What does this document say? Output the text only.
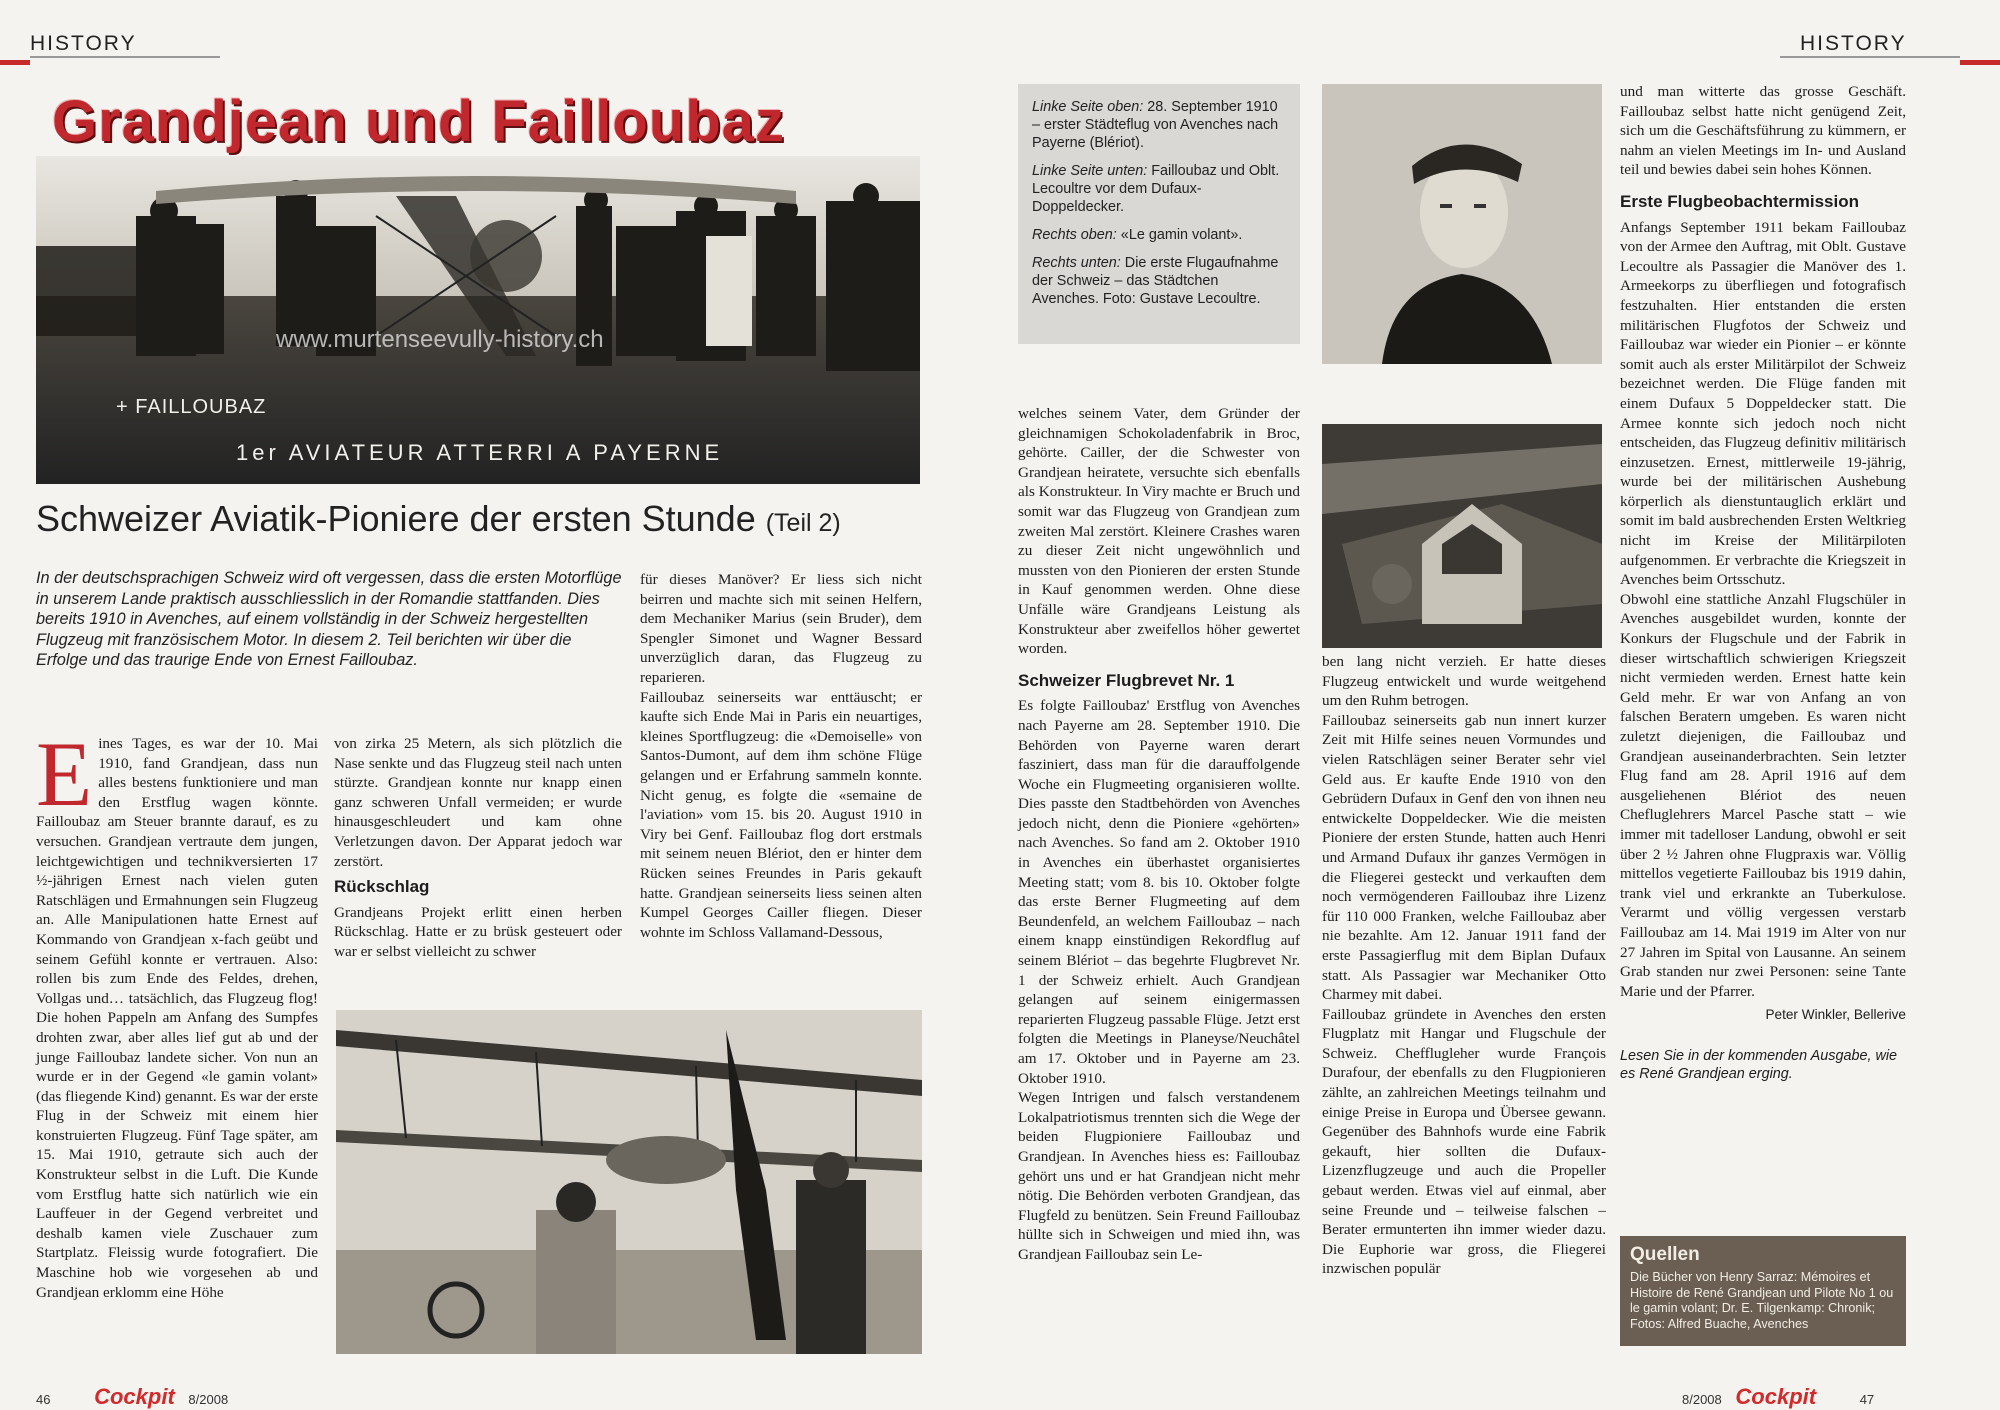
HISTORY	HISTORY
Grandjean und Failloubaz
www.murtenseevully-history.ch
+ FAILLOUBAZ
1er AVIATEUR ATTERRI A PAYERNE
Schweizer Aviatik-Pioniere der ersten Stunde (Teil 2)
In der deutschsprachigen Schweiz wird oft vergessen, dass die ersten Motorflüge in unserem Lande praktisch ausschliesslich in der Romandie stattfanden. Dies bereits 1910 in Avenches, auf einem vollständig in der Schweiz hergestellten Flugzeug mit französischem Motor. In diesem 2. Teil berichten wir über die Erfolge und das traurige Ende von Ernest Failloubaz.

Eines Tages, es war der 10. Mai 1910, fand Grandjean, dass nun alles bestens funktioniere und man den Erstflug wagen könnte. Failloubaz am Steuer brannte darauf, es zu versuchen. Grandjean vertraute dem jungen, leichtgewichtigen und technikversierten 17 ½-jährigen Ernest nach vielen guten Ratschlägen und Ermahnungen sein Flugzeug an. Alle Manipulationen hatte Ernest auf Kommando von Grandjean x-fach geübt und seinem Gefühl konnte er vertrauen. Also: rollen bis zum Ende des Feldes, drehen, Vollgas und… tatsächlich, das Flugzeug flog! Die hohen Pappeln am Anfang des Sumpfes drohten zwar, aber alles lief gut ab und der junge Failloubaz landete sicher. Von nun an wurde er in der Gegend «le gamin volant» (das fliegende Kind) genannt. Es war der erste Flug in der Schweiz mit einem hier konstruierten Flugzeug. Fünf Tage später, am 15. Mai 1910, getraute sich auch der Konstrukteur selbst in die Luft. Die Kunde vom Erstflug hatte sich natürlich wie ein Lauffeuer in der Gegend verbreitet und deshalb kamen viele Zuschauer zum Startplatz. Fleissig wurde fotografiert. Die Maschine hob wie vorgesehen ab und Grandjean erklomm eine Höhe

von zirka 25 Metern, als sich plötzlich die Nase senkte und das Flugzeug steil nach unten stürzte. Grandjean konnte nur knapp einen ganz schweren Unfall vermeiden; er wurde hinausgeschleudert und kam ohne Verletzungen davon. Der Apparat jedoch war zerstört.

Rückschlag

Grandjeans Projekt erlitt einen herben Rückschlag. Hatte er zu brüsk gesteuert oder war er selbst vielleicht zu schwer

für dieses Manöver? Er liess sich nicht beirren und machte sich mit seinen Helfern, dem Mechaniker Marius (sein Bruder), dem Spengler Simonet und Wagner Bessard unverzüglich daran, das Flugzeug zu reparieren.

Failloubaz seinerseits war enttäuscht; er kaufte sich Ende Mai in Paris ein neuartiges, kleines Sportflugzeug: die «Demoiselle» von Santos-Dumont, auf dem ihm schöne Flüge gelangen und er Erfahrung sammeln konnte. Nicht genug, es folgte die «semaine de l'aviation» vom 15. bis 20. August 1910 in Viry bei Genf. Failloubaz flog dort erstmals mit seinem neuen Blériot, den er hinter dem Rücken seines Freundes in Paris gekauft hatte. Grandjean seinerseits liess seinen alten Kumpel Georges Cailler fliegen. Dieser wohnte im Schloss Vallamand-Dessous,

Linke Seite oben: 28. September 1910 – erster Städteflug von Avenches nach Payerne (Blériot).

Linke Seite unten: Failloubaz und Oblt. Lecoultre vor dem Dufaux-Doppeldecker.

Rechts oben: «Le gamin volant».

Rechts unten: Die erste Flugaufnahme der Schweiz – das Städtchen Avenches. Foto: Gustave Lecoultre.

welches seinem Vater, dem Gründer der gleichnamigen Schokoladenfabrik in Broc, gehörte. Cailler, der die Schwester von Grandjean heiratete, versuchte sich ebenfalls als Konstrukteur. In Viry machte er Bruch und somit war das Flugzeug von Grandjean zum zweiten Mal zerstört. Kleinere Crashes waren zu dieser Zeit nicht ungewöhnlich und mussten von den Pionieren der ersten Stunde in Kauf genommen werden. Ohne diese Unfälle wäre Grandjeans Leistung als Konstrukteur aber zweifellos höher gewertet worden.

Schweizer Flugbrevet Nr. 1

Es folgte Failloubaz' Erstflug von Avenches nach Payerne am 28. September 1910. Die Behörden von Payerne waren derart fasziniert, dass man für die darauffolgende Woche ein Flugmeeting organisieren wollte. Dies passte den Stadtbehörden von Avenches jedoch nicht, denn die Pioniere «gehörten» nach Avenches. So fand am 2. Oktober 1910 in Avenches ein überhastet organisiertes Meeting statt; vom 8. bis 10. Oktober folgte das erste Berner Flugmeeting auf dem Beundenfeld, an welchem Failloubaz – nach einem knapp einstündigen Rekordflug auf seinem Blériot – das begehrte Flugbrevet Nr. 1 der Schweiz erhielt. Auch Grandjean gelangen auf seinem einigermassen reparierten Flugzeug passable Flüge. Jetzt erst folgten die Meetings in Planeyse/Neuchâtel am 17. Oktober und in Payerne am 23. Oktober 1910.

Wegen Intrigen und falsch verstandenem Lokalpatriotismus trennten sich die Wege der beiden Flugpioniere Failloubaz und Grandjean. In Avenches hiess es: Failloubaz gehört uns und er hat Grandjean nicht mehr nötig. Die Behörden verboten Grandjean, das Flugfeld zu benützen. Sein Freund Failloubaz hüllte sich in Schweigen und mied ihn, was Grandjean Failloubaz sein Le-

ben lang nicht verzieh. Er hatte dieses Flugzeug entwickelt und wurde weitgehend um den Ruhm betrogen.

Failloubaz seinerseits gab nun innert kurzer Zeit mit Hilfe seines neuen Vormundes und vielen Ratschlägen seiner Berater sehr viel Geld aus. Er kaufte Ende 1910 von den Gebrüdern Dufaux in Genf den von ihnen neu entwickelte Doppeldecker. Wie die meisten Pioniere der ersten Stunde, hatten auch Henri und Armand Dufaux ihr ganzes Vermögen in die Fliegerei gesteckt und verkauften dem noch vermögenderen Failloubaz ihre Lizenz für 110 000 Franken, welche Failloubaz aber nie bezahlte. Am 12. Januar 1911 fand der erste Passagierflug mit dem Biplan Dufaux statt. Als Passagier war Mechaniker Otto Charmey mit dabei.

Failloubaz gründete in Avenches den ersten Flugplatz mit Hangar und Flugschule der Schweiz. Chefflugleher wurde François Durafour, der ebenfalls zu den Flugpionieren zählte, an zahlreichen Meetings teilnahm und einige Preise in Europa und Übersee gewann. Gegenüber des Bahnhofs wurde eine Fabrik gekauft, hier sollten die Dufaux-Lizenzflugzeuge und auch die Propeller gebaut werden. Etwas viel auf einmal, aber seine Freunde und – teilweise falschen – Berater ermunterten ihn immer wieder dazu. Die Euphorie war gross, die Fliegerei inzwischen populär

und man witterte das grosse Geschäft. Failloubaz selbst hatte nicht genügend Zeit, sich um die Geschäftsführung zu kümmern, er nahm an vielen Meetings im In- und Ausland teil und bewies dabei sein hohes Können.

Erste Flugbeobachtermission

Anfangs September 1911 bekam Failloubaz von der Armee den Auftrag, mit Oblt. Gustave Lecoultre als Passagier die Manöver des 1. Armeekorps zu überfliegen und fotografisch festzuhalten. Hier entstanden die ersten militärischen Flugfotos der Schweiz und Failloubaz war wieder ein Pionier – er könnte somit auch als erster Militärpilot der Schweiz bezeichnet werden. Die Flüge fanden mit einem Dufaux 5 Doppeldecker statt. Die Armee konnte sich jedoch noch nicht entscheiden, das Flugzeug definitiv militärisch einzusetzen. Ernest, mittlerweile 19-jährig, wurde bei der militärischen Aushebung körperlich als dienstuntauglich erklärt und somit im bald ausbrechenden Ersten Weltkrieg nicht im Kreise der Militärpiloten aufgenommen. Er verbrachte die Kriegszeit in Avenches beim Ortsschutz.

Obwohl eine stattliche Anzahl Flugschüler in Avenches ausgebildet wurden, konnte der Konkurs der Flugschule und der Fabrik in dieser wirtschaftlich schwierigen Kriegszeit nicht vermieden werden. Ernest hatte kein Geld mehr. Er war von Anfang an von falschen Beratern umgeben. Es waren nicht zuletzt diejenigen, die Failloubaz und Grandjean auseinanderbrachten. Sein letzter Flug fand am 28. April 1916 auf dem ausgeliehenen Blériot des neuen Chefluglehrers Marcel Pasche statt – wie immer mit tadelloser Landung, obwohl er seit über 2 ½ Jahren ohne Flugpraxis war. Völlig mittellos vegetierte Failloubaz bis 1919 dahin, trank viel und erkrankte an Tuberkulose. Verarmt und völlig vergessen verstarb Failloubaz am 14. Mai 1919 im Alter von nur 27 Jahren im Spital von Lausanne. An seinem Grab standen nur zwei Personen: seine Tante Marie und der Pfarrer.

Peter Winkler, Bellerive

Lesen Sie in der kommenden Ausgabe, wie es René Grandjean erging.

Quellen
Die Bücher von Henry Sarraz: Mémoires et Histoire de René Grandjean und Pilote No 1 ou le gamin volant; Dr. E. Tilgenkamp: Chronik; Fotos: Alfred Buache, Avenches
46 Cockpit 8/2008	8/2008 Cockpit	47
